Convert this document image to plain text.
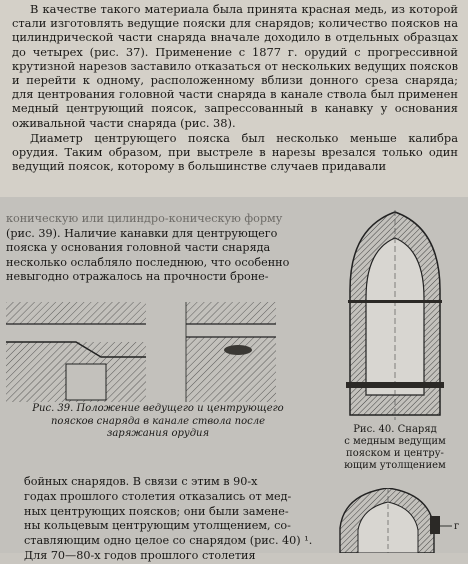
В качестве такого материала была принята красная медь, из которой стали изготовлять ведущие пояски для снарядов; количество поясков на цилиндрической части снаряда вначале доходило в отдельных образцах до четырех (рис. 37). Применение с 1877 г. орудий с прогрессивной крутизной нарезов заставило отказаться от нескольких ведущих поясков и перейти к одному, расположенному вблизи донного среза снаряда; для центрования головной части снаряда в канале ствола был применен медный центрующий поясок, запрессованный в канавку у основания оживальной части снаряда (рис. 38).

Диаметр центрующего пояска был несколько меньше калибра орудия. Таким образом, при выстреле в нарезы врезался только один ведущий поясок, которому в большинстве случаев придавали

коническую или цилиндро-коническую форму

(рис. 39). Наличие канавки для центрующего

пояска у основания головной части снаряда

несколько ослабляло последнюю, что особенно

невыгодно отражалось на прочности броне-

Рис. 39. Положение ведущего и центрующего поясков снаряда в канале ствола после заряжания орудия	Рис. 40. Снаряд
с медным ведущим
пояском и центру-
ющим утолщением

бойных снарядов. В связи с этим в 90-х

годах прошлого столетия отказались от мед-

ных центрующих поясков; они были замене-

ны кольцевым центрующим утолщением, со-

ставляющим одно целое со снарядом (рис. 40) ¹.

Для 70—80-х годов прошлого столетия

г
